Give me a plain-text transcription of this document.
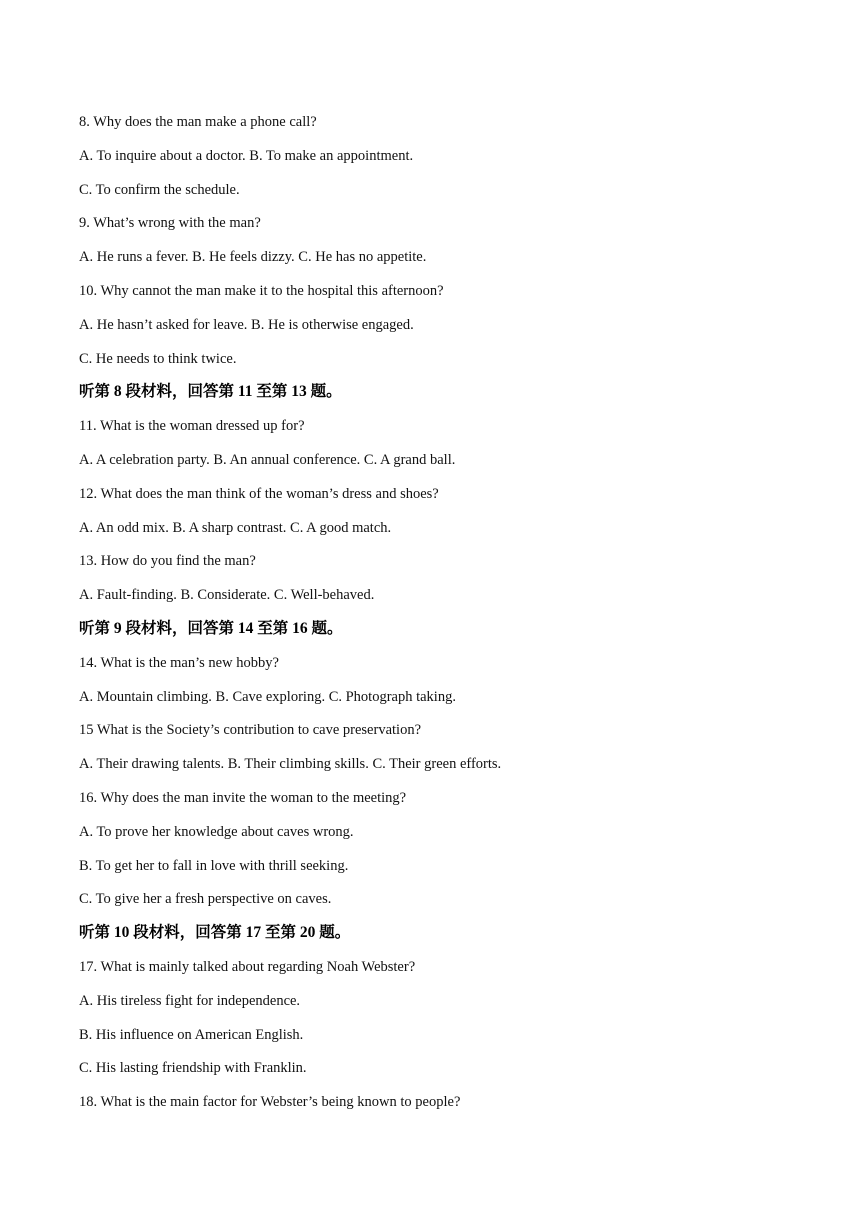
8. Why does the man make a phone call?
A. To inquire about a doctor. B. To make an appointment.
C. To confirm the schedule.
9. What’s wrong with the man?
A. He runs a fever. B. He feels dizzy. C. He has no appetite.
10. Why cannot the man make it to the hospital this afternoon?
A. He hasn’t asked for leave. B. He is otherwise engaged.
C. He needs to think twice.
听第 8 段材料，回答第 11 至第 13 题。
11. What is the woman dressed up for?
A. A celebration party. B. An annual conference. C. A grand ball.
12. What does the man think of the woman’s dress and shoes?
A. An odd mix. B. A sharp contrast. C. A good match.
13. How do you find the man?
A. Fault-finding. B. Considerate. C. Well-behaved.
听第 9 段材料，回答第 14 至第 16 题。
14. What is the man’s new hobby?
A. Mountain climbing. B. Cave exploring. C. Photograph taking.
15 What is the Society’s contribution to cave preservation?
A. Their drawing talents. B. Their climbing skills. C. Their green efforts.
16. Why does the man invite the woman to the meeting?
A. To prove her knowledge about caves wrong.
B. To get her to fall in love with thrill seeking.
C. To give her a fresh perspective on caves.
听第 10 段材料，回答第 17 至第 20 题。
17. What is mainly talked about regarding Noah Webster?
A. His tireless fight for independence.
B. His influence on American English.
C. His lasting friendship with Franklin.
18. What is the main factor for Webster’s being known to people?
